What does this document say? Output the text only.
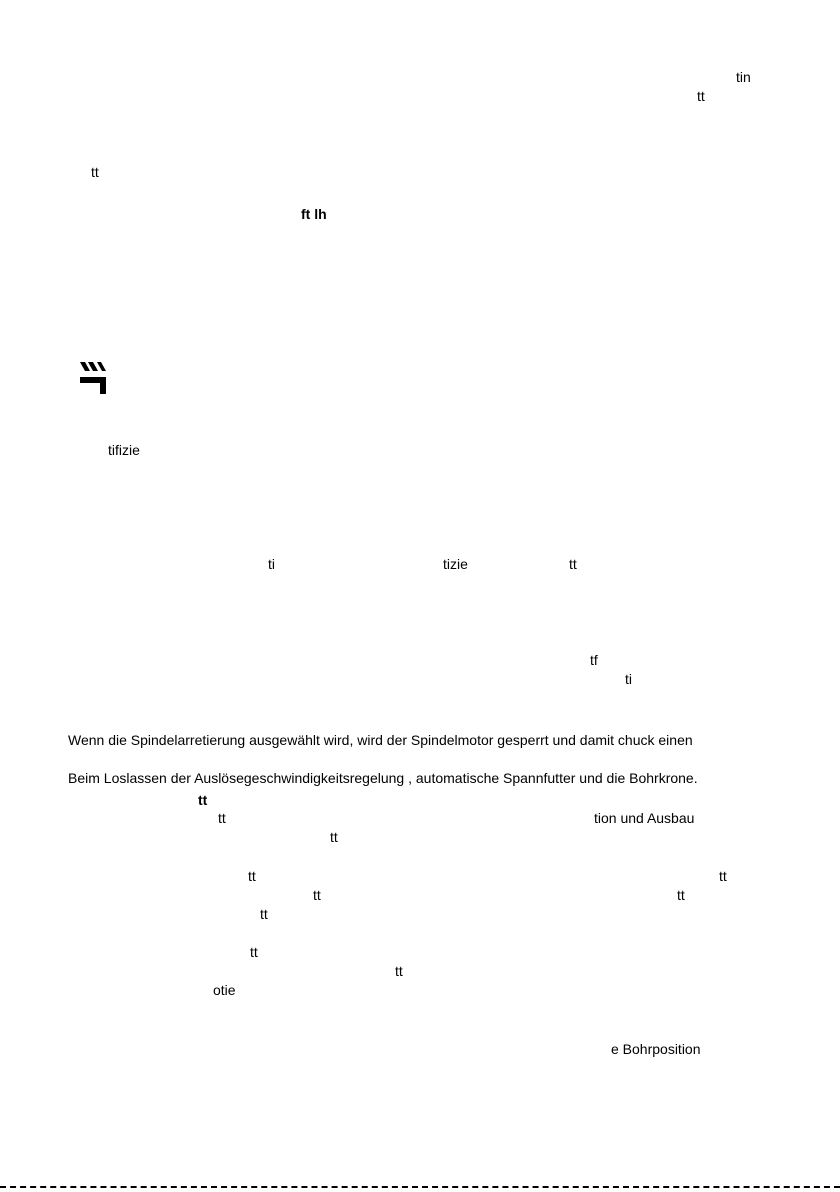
tin
tt
tt
ft lh
tifizie
ti	tizie	tt
tf
ti
Wenn die Spindelarretierung ausgewählt wird, wird der Spindelmotor gesperrt und damit chuck einen
Beim Loslassen der Auslösegeschwindigkeitsregelung , automatische Spannfutter und die Bohrkrone.
tt
tt	tion und Ausbau
tt
tt	tt
tt	tt
tt
tt
tt
otie
e Bohrposition
